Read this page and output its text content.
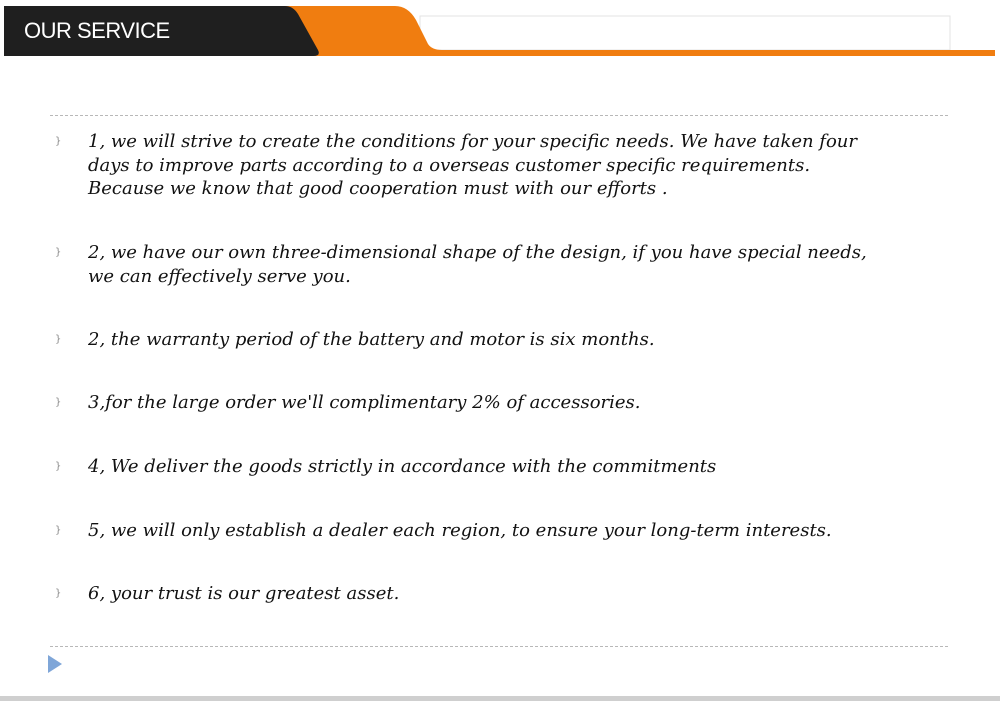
OUR SERVICE
} 1, we will strive to create the conditions for your specific needs. We have taken four
days to improve parts according to a overseas customer specific requirements.
Because we know that good cooperation must with our efforts .
} 2, we have our own three-dimensional shape of the design, if you have special needs,
we can effectively serve you.
} 2, the warranty period of the battery and motor is six months.
} 3,for the large order we'll complimentary 2% of accessories.
} 4, We deliver the goods strictly in accordance with the commitments
} 5, we will only establish a dealer each region, to ensure your long-term interests.
} 6, your trust is our greatest asset.
